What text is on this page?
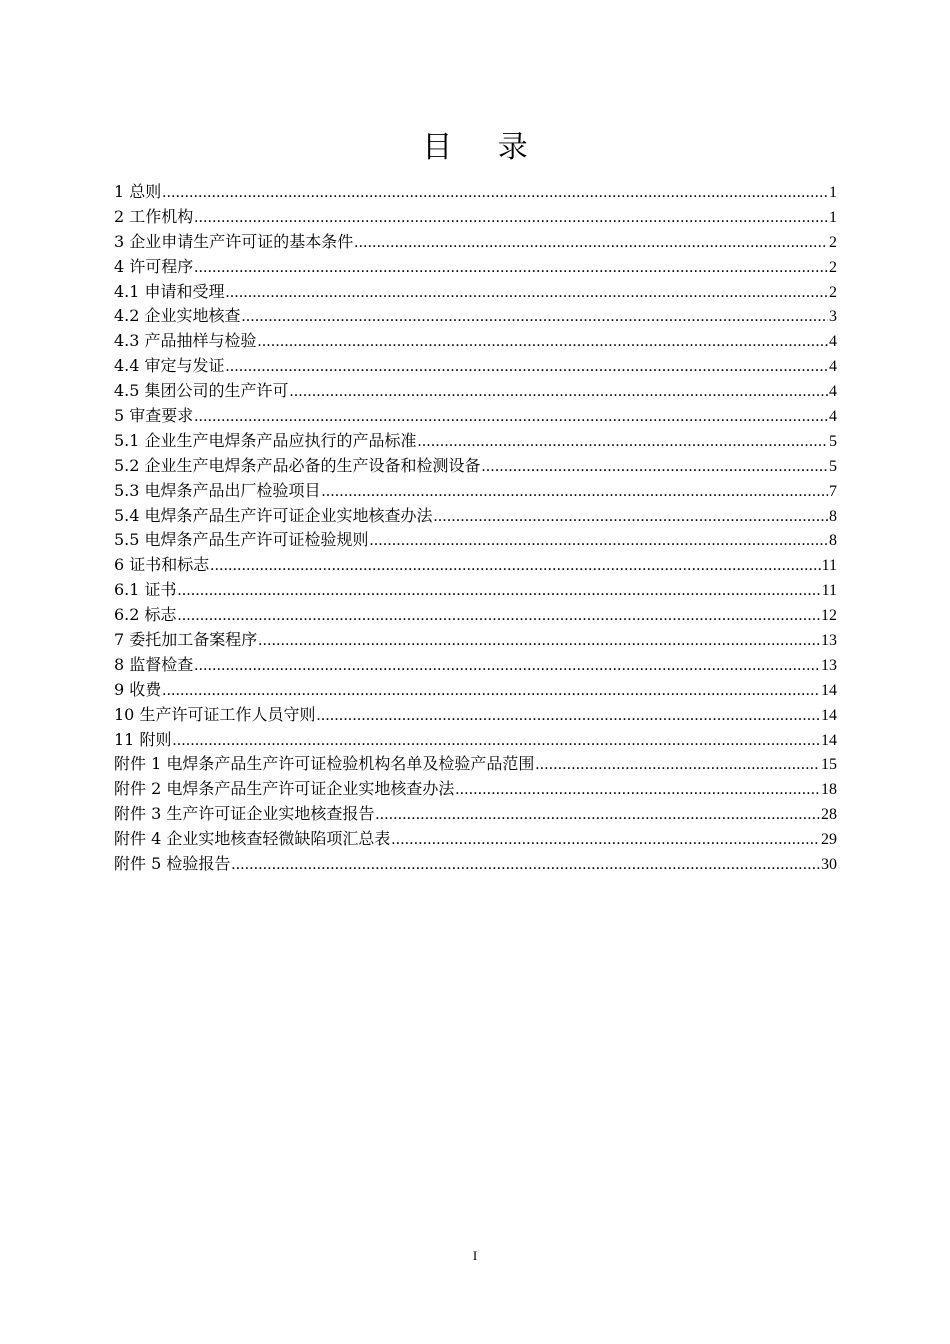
目 录
1 总则 .....	1
2 工作机构 .....	1
3 企业申请生产许可证的基本条件 .....	2
4 许可程序 .....	2
4.1 申请和受理 .....	2
4.2 企业实地核查 .....	3
4.3 产品抽样与检验 .....	4
4.4 审定与发证 .....	4
4.5 集团公司的生产许可 .....	4
5 审查要求 .....	4
5.1 企业生产电焊条产品应执行的产品标准 .....	5
5.2 企业生产电焊条产品必备的生产设备和检测设备 .....	5
5.3 电焊条产品出厂检验项目 .....	7
5.4 电焊条产品生产许可证企业实地核查办法 .....	8
5.5 电焊条产品生产许可证检验规则 .....	8
6 证书和标志 .....	11
6.1 证书 .....	11
6.2 标志 .....	12
7 委托加工备案程序 .....	13
8 监督检查 .....	13
9 收费 .....	14
10 生产许可证工作人员守则 .....	14
11 附则 .....	14
附件 1 电焊条产品生产许可证检验机构名单及检验产品范围 .....	15
附件 2 电焊条产品生产许可证企业实地核查办法 .....	18
附件 3 生产许可证企业实地核查报告 .....	28
附件 4 企业实地核查轻微缺陷项汇总表 .....	29
附件 5 检验报告 .....	30
I
